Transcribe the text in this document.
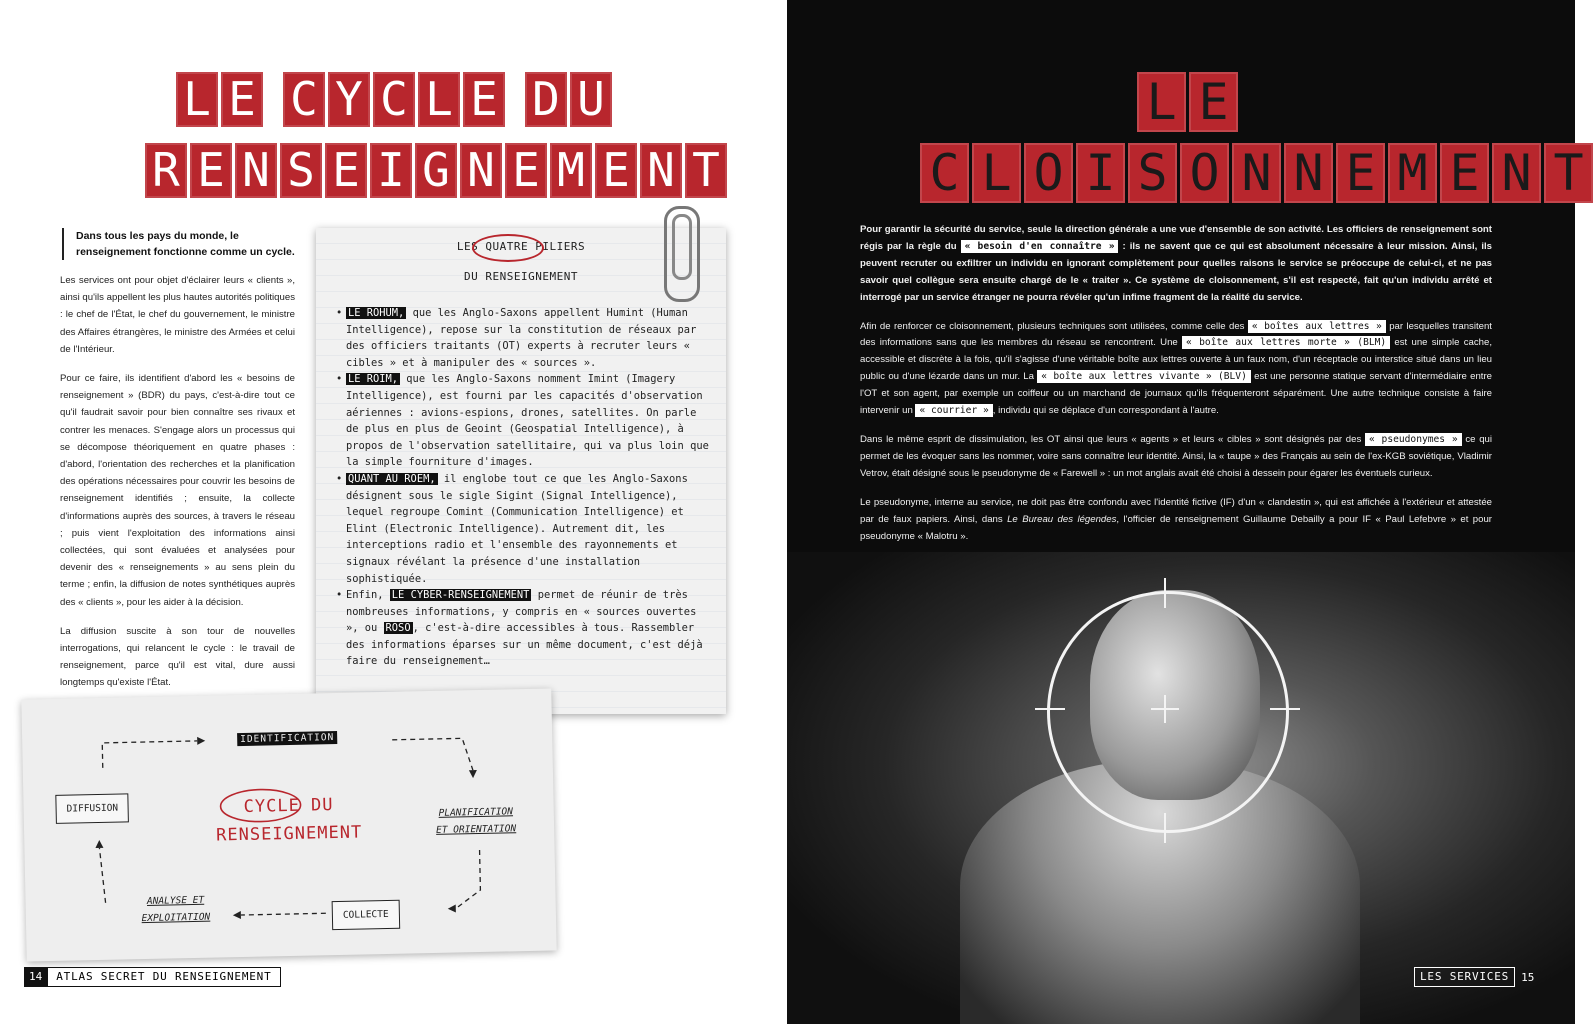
L E C Y C L E D U
R E N S E I G N E M E N T
Dans tous les pays du monde, le renseignement fonctionne comme un cycle.

Les services ont pour objet d'éclairer leurs « clients », ainsi qu'ils appellent les plus hautes autorités politiques : le chef de l'État, le chef du gouvernement, le ministre des Affaires étrangères, le ministre des Armées et celui de l'Intérieur.

Pour ce faire, ils identifient d'abord les « besoins de renseignement » (BDR) du pays, c'est-à-dire tout ce qu'il faudrait savoir pour bien connaître ses rivaux et contrer les menaces. S'engage alors un processus qui se décompose théoriquement en quatre phases : d'abord, l'orientation des recherches et la planification des opérations nécessaires pour couvrir les besoins de renseignement identifiés ; ensuite, la collecte d'informations auprès des sources, à travers le réseau ; puis vient l'exploitation des informations ainsi collectées, qui sont évaluées et analysées pour devenir des « renseignements » au sens plein du terme ; enfin, la diffusion de notes synthétiques auprès des « clients », pour les aider à la décision.

La diffusion suscite à son tour de nouvelles interrogations, qui relancent le cycle : le travail de renseignement, parce qu'il est vital, dure aussi longtemps qu'existe l'État.

LES QUATRE PILIERS
DU RENSEIGNEMENT

• LE ROHUM, que les Anglo-Saxons appellent Humint (Human Intelligence), repose sur la constitution de réseaux par des officiers traitants (OT) experts à recruter leurs « cibles » et à manipuler des « sources ».

• LE ROIM, que les Anglo-Saxons nomment Imint (Imagery Intelligence), est fourni par les capacités d'observation aériennes : avions-espions, drones, satellites. On parle de plus en plus de Geoint (Geospatial Intelligence), à propos de l'observation satellitaire, qui va plus loin que la simple fourniture d'images.

• QUANT AU ROEM, il englobe tout ce que les Anglo-Saxons désignent sous le sigle Sigint (Signal Intelligence), lequel regroupe Comint (Communication Intelligence) et Elint (Electronic Intelligence). Autrement dit, les interceptions radio et l'ensemble des rayonnements et signaux révélant la présence d'une installation sophistiquée.

• Enfin, LE CYBER-RENSEIGNEMENT permet de réunir de très nombreuses informations, y compris en « sources ouvertes », ou ROSO , c'est-à-dire accessibles à tous. Rassembler des informations éparses sur un même document, c'est déjà faire du renseignement…

IDENTIFICATION
PLANIFICATION
ET ORIENTATION
COLLECTE
ANALYSE ET
EXPLOITATION
DIFFUSION	CYCLE DU
RENSEIGNEMENT
14	ATLAS SECRET DU RENSEIGNEMENT
L E
C L O I S O N N E M E N T

Pour garantir la sécurité du service, seule la direction générale a une vue d'ensemble de son activité. Les officiers de renseignement sont régis par la règle du « besoin d'en connaître » : ils ne savent que ce qui est absolument nécessaire à leur mission. Ainsi, ils peuvent recruter ou exfiltrer un individu en ignorant complètement pour quelles raisons le service se préoccupe de celui-ci, et ne pas savoir quel collègue sera ensuite chargé de le « traiter ». Ce système de cloisonnement, s'il est respecté, fait qu'un individu arrêté et interrogé par un service étranger ne pourra révéler qu'un infime fragment de la réalité du service.

Afin de renforcer ce cloisonnement, plusieurs techniques sont utilisées, comme celle des « boîtes aux lettres » par lesquelles transitent des informations sans que les membres du réseau se rencontrent. Une « boîte aux lettres morte » (BLM) est une simple cache, accessible et discrète à la fois, qu'il s'agisse d'une véritable boîte aux lettres ouverte à un faux nom, d'un réceptacle ou interstice situé dans un lieu public ou d'une lézarde dans un mur. La « boîte aux lettres vivante » (BLV) est une personne statique servant d'intermédiaire entre l'OT et son agent, par exemple un coiffeur ou un marchand de journaux qu'ils fréquenteront séparément. Une autre technique consiste à faire intervenir un « courrier » , individu qui se déplace d'un correspondant à l'autre.

Dans le même esprit de dissimulation, les OT ainsi que leurs « agents » et leurs « cibles » sont désignés par des « pseudonymes » ce qui permet de les évoquer sans les nommer, voire sans connaître leur identité. Ainsi, la « taupe » des Français au sein de l'ex-KGB soviétique, Vladimir Vetrov, était désigné sous le pseudonyme de « Farewell » : un mot anglais avait été choisi à dessein pour égarer les éventuels curieux.

Le pseudonyme, interne au service, ne doit pas être confondu avec l'identité fictive (IF) d'un « clandestin », qui est affichée à l'extérieur et attestée par de faux papiers. Ainsi, dans Le Bureau des légendes, l'officier de renseignement Guillaume Debailly a pour IF « Paul Lefebvre » et pour pseudonyme « Malotru ».

LES SERVICES	15
